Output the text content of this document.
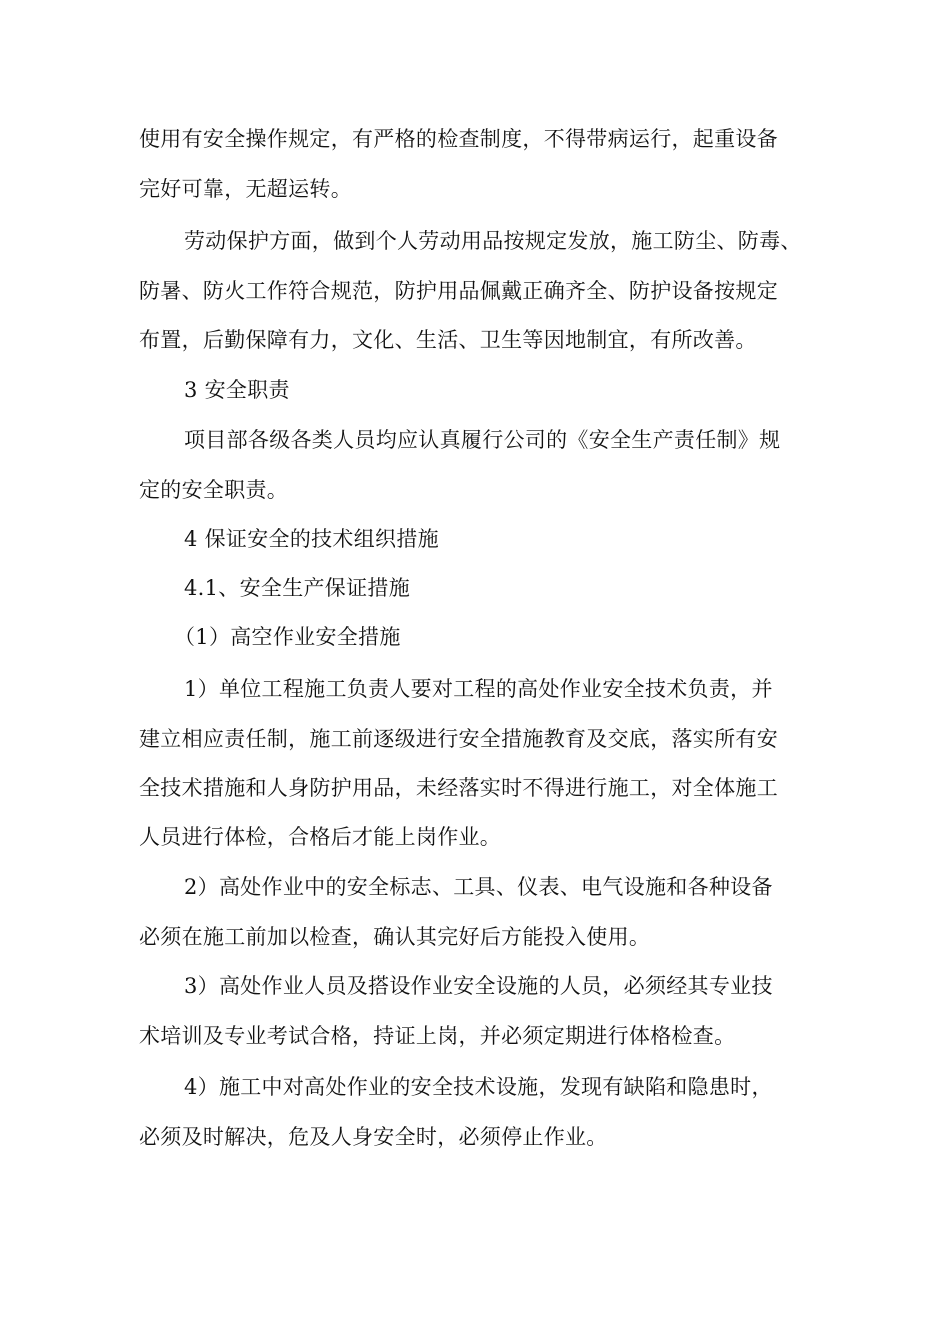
使用有安全操作规定，有严格的检查制度，不得带病运行，起重设备
完好可靠，无超运转。
劳动保护方面，做到个人劳动用品按规定发放，施工防尘、防毒、
防暑、防火工作符合规范，防护用品佩戴正确齐全、防护设备按规定
布置，后勤保障有力，文化、生活、卫生等因地制宜，有所改善。
3 安全职责
项目部各级各类人员均应认真履行公司的《安全生产责任制》规
定的安全职责。
4 保证安全的技术组织措施
4.1、安全生产保证措施
（1）高空作业安全措施
1）单位工程施工负责人要对工程的高处作业安全技术负责，并
建立相应责任制，施工前逐级进行安全措施教育及交底，落实所有安
全技术措施和人身防护用品，未经落实时不得进行施工，对全体施工
人员进行体检，合格后才能上岗作业。
2）高处作业中的安全标志、工具、仪表、电气设施和各种设备
必须在施工前加以检查，确认其完好后方能投入使用。
3）高处作业人员及搭设作业安全设施的人员，必须经其专业技
术培训及专业考试合格，持证上岗，并必须定期进行体格检查。
4）施工中对高处作业的安全技术设施，发现有缺陷和隐患时，
必须及时解决，危及人身安全时，必须停止作业。
